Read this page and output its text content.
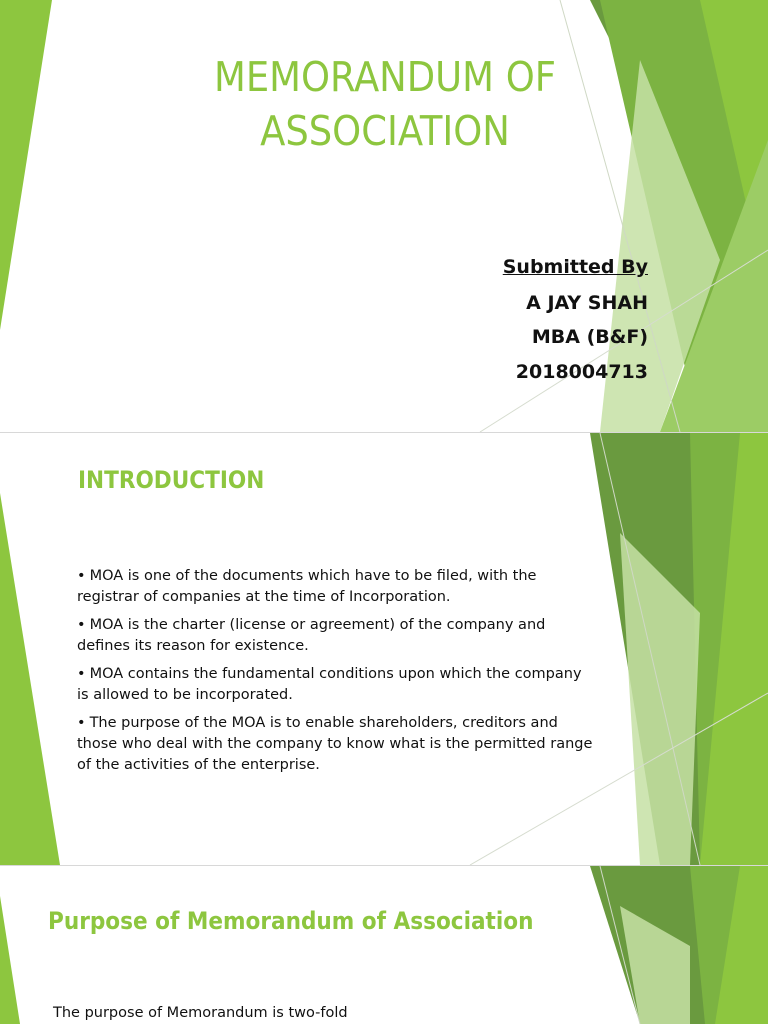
MEMORANDUM OF
ASSOCIATION
Submitted By
A JAY SHAH
MBA (B&F)
2018004713
INTRODUCTION
• MOA is one of the documents which have to be filed, with the registrar of companies at the time of Incorporation.
• MOA is the charter (license or agreement) of the company and defines its reason for existence.
• MOA contains the fundamental conditions upon which the company is allowed to be incorporated.
• The purpose of the MOA is to enable shareholders, creditors and those who deal with the company to know what is the permitted range of the activities of the enterprise.
Purpose of Memorandum of Association

The purpose of Memorandum is two-fold
